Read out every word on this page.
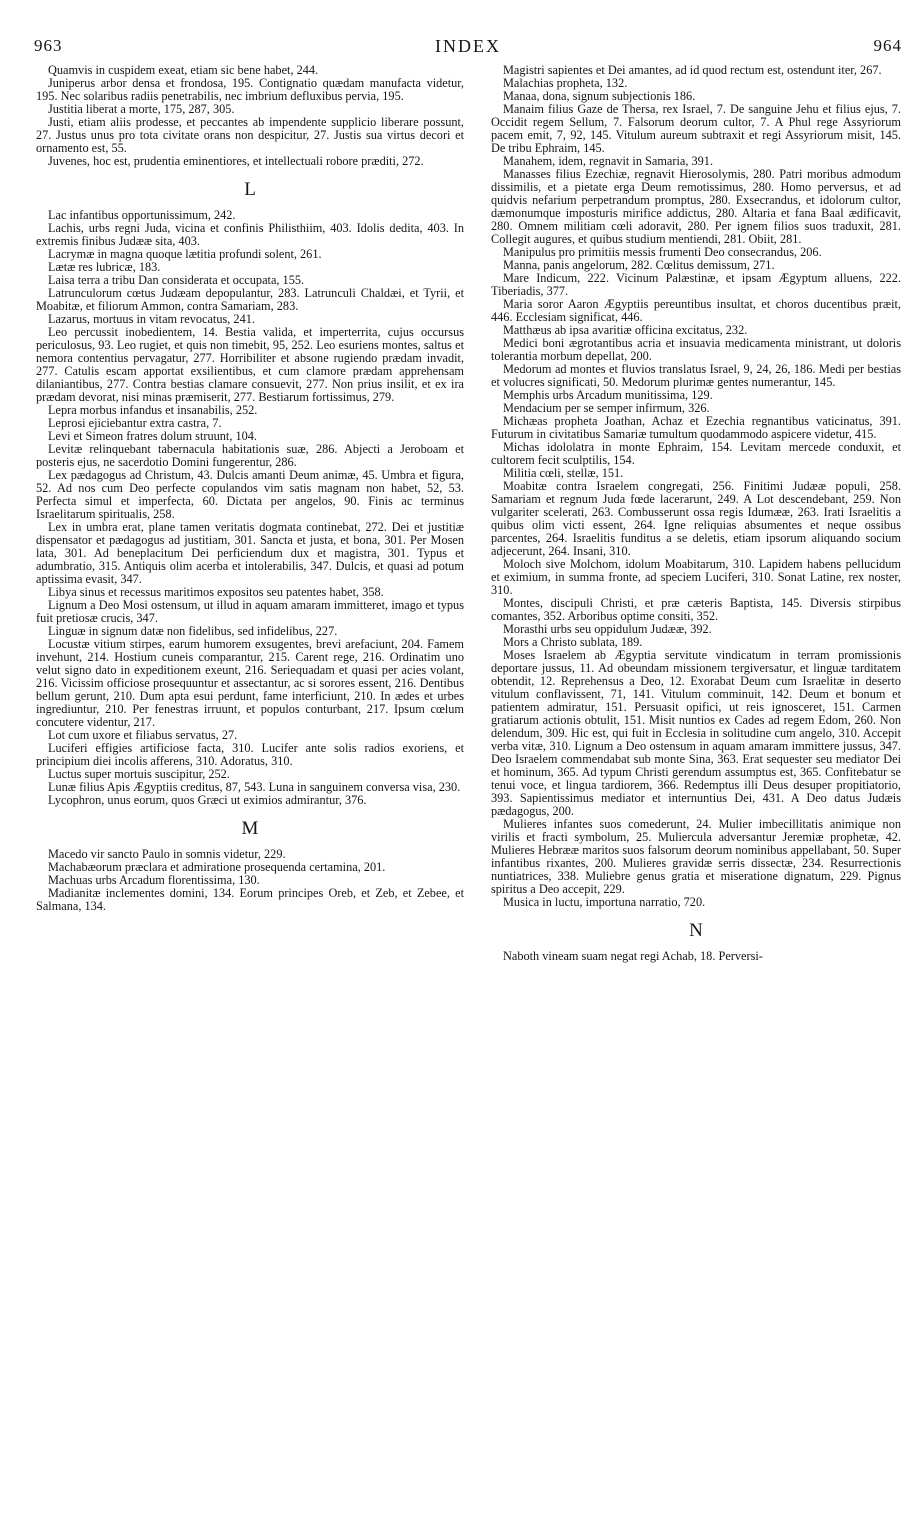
963	INDEX	964

Quamvis in cuspidem exeat, etiam sic bene habet, 244.

Juniperus arbor densa et frondosa, 195. Contignatio quædam manufacta videtur, 195. Nec solaribus radiis penetrabilis, nec imbrium defluxibus pervia, 195.

Justitia liberat a morte, 175, 287, 305.

Justi, etiam aliis prodesse, et peccantes ab impendente supplicio liberare possunt, 27. Justus unus pro tota civitate orans non despicitur, 27. Justis sua virtus decori et ornamento est, 55.

Juvenes, hoc est, prudentia eminentiores, et intellectuali robore præditi, 272.

L

Lac infantibus opportunissimum, 242.

Lachis, urbs regni Juda, vicina et confinis Philisthiim, 403. Idolis dedita, 403. In extremis finibus Judææ sita, 403.

Lacrymæ in magna quoque lætitia profundi solent, 261.

Lætæ res lubricæ, 183.

Laisa terra a tribu Dan considerata et occupata, 155.

Latrunculorum cœtus Judæam depopulantur, 283. Latrunculi Chaldæi, et Tyrii, et Moabitæ, et filiorum Ammon, contra Samariam, 283.

Lazarus, mortuus in vitam revocatus, 241.

Leo percussit inobedientem, 14. Bestia valida, et imperterrita, cujus occursus periculosus, 93. Leo rugiet, et quis non timebit, 95, 252. Leo esuriens montes, saltus et nemora contentius pervagatur, 277. Horribiliter et absone rugiendo prædam invadit, 277. Catulis escam apportat exsilientibus, et cum clamore prædam apprehensam dilaniantibus, 277. Contra bestias clamare consuevit, 277. Non prius insilit, et ex ira prædam devorat, nisi minas præmiserit, 277. Bestiarum fortissimus, 279.

Lepra morbus infandus et insanabilis, 252.

Leprosi ejiciebantur extra castra, 7.

Levi et Simeon fratres dolum struunt, 104.

Levitæ relinquebant tabernacula habitationis suæ, 286. Abjecti a Jeroboam et posteris ejus, ne sacerdotio Domini fungerentur, 286.

Lex pædagogus ad Christum, 43. Dulcis amanti Deum animæ, 45. Umbra et figura, 52. Ad nos cum Deo perfecte copulandos vim satis magnam non habet, 52, 53. Perfecta simul et imperfecta, 60. Dictata per angelos, 90. Finis ac terminus Israelitarum spiritualis, 258.

Lex in umbra erat, plane tamen veritatis dogmata continebat, 272. Dei et justitiæ dispensator et pædagogus ad justitiam, 301. Sancta et justa, et bona, 301. Per Mosen lata, 301. Ad beneplacitum Dei perficiendum dux et magistra, 301. Typus et adumbratio, 315. Antiquis olim acerba et intolerabilis, 347. Dulcis, et quasi ad potum aptissima evasit, 347.

Libya sinus et recessus maritimos expositos seu patentes habet, 358.

Lignum a Deo Mosi ostensum, ut illud in aquam amaram immitteret, imago et typus fuit pretiosæ crucis, 347.

Linguæ in signum datæ non fidelibus, sed infidelibus, 227.

Locustæ vitium stirpes, earum humorem exsugentes, brevi arefaciunt, 204. Famem invehunt, 214. Hostium cuneis comparantur, 215. Carent rege, 216. Ordinatim uno velut signo dato in expeditionem exeunt, 216. Seriequadam et quasi per acies volant, 216. Vicissim officiose prosequuntur et assectantur, ac si sorores essent, 216. Dentibus bellum gerunt, 210. Dum apta esui perdunt, fame interficiunt, 210. In ædes et urbes ingrediuntur, 210. Per fenestras irruunt, et populos conturbant, 217. Ipsum cœlum concutere videntur, 217.

Lot cum uxore et filiabus servatus, 27.

Luciferi effigies artificiose facta, 310. Lucifer ante solis radios exoriens, et principium diei incolis afferens, 310. Adoratus, 310.

Luctus super mortuis suscipitur, 252.

Lunæ filius Apis Ægyptiis creditus, 87, 543. Luna in sanguinem conversa visa, 230.

Lycophron, unus eorum, quos Græci ut eximios admirantur, 376.

M

Macedo vir sancto Paulo in somnis videtur, 229.

Machabæorum præclara et admiratione prosequenda certamina, 201.

Machuas urbs Arcadum florentissima, 130.

Madianitæ inclementes domini, 134. Eorum principes Oreb, et Zeb, et Zebee, et Salmana, 134.

Magistri sapientes et Dei amantes, ad id quod rectum est, ostendunt iter, 267.

Malachias propheta, 132.

Manaa, dona, signum subjectionis 186.

Manaim filius Gaze de Thersa, rex Israel, 7. De sanguine Jehu et filius ejus, 7. Occidit regem Sellum, 7. Falsorum deorum cultor, 7. A Phul rege Assyriorum pacem emit, 7, 92, 145. Vitulum aureum subtraxit et regi Assyriorum misit, 145. De tribu Ephraim, 145.

Manahem, idem, regnavit in Samaria, 391.

Manasses filius Ezechiæ, regnavit Hierosolymis, 280. Patri moribus admodum dissimilis, et a pietate erga Deum remotissimus, 280. Homo perversus, et ad quidvis nefarium perpetrandum promptus, 280. Exsecrandus, et idolorum cultor, dæmonumque imposturis mirifice addictus, 280. Altaria et fana Baal ædificavit, 280. Omnem militiam cœli adoravit, 280. Per ignem filios suos traduxit, 281. Collegit augures, et quibus studium mentiendi, 281. Obiit, 281.

Manipulus pro primitiis messis frumenti Deo consecrandus, 206.

Manna, panis angelorum, 282. Cœlitus demissum, 271.

Mare Indicum, 222. Vicinum Palæstinæ, et ipsam Ægyptum alluens, 222. Tiberiadis, 377.

Maria soror Aaron Ægyptiis pereuntibus insultat, et choros ducentibus præit, 446. Ecclesiam significat, 446.

Matthæus ab ipsa avaritiæ officina excitatus, 232.

Medici boni ægrotantibus acria et insuavia medicamenta ministrant, ut doloris tolerantia morbum depellat, 200.

Medorum ad montes et fluvios translatus Israel, 9, 24, 26, 186. Medi per bestias et volucres significati, 50. Medorum plurimæ gentes numerantur, 145.

Memphis urbs Arcadum munitissima, 129.

Mendacium per se semper infirmum, 326.

Michæas propheta Joathan, Achaz et Ezechia regnantibus vaticinatus, 391. Futurum in civitatibus Samariæ tumultum quodammodo aspicere videtur, 415.

Michas idololatra in monte Ephraim, 154. Levitam mercede conduxit, et cultorem fecit sculptilis, 154.

Militia cœli, stellæ, 151.

Moabitæ contra Israelem congregati, 256. Finitimi Judææ populi, 258. Samariam et regnum Juda fœde lacerarunt, 249. A Lot descendebant, 259. Non vulgariter scelerati, 263. Combusserunt ossa regis Idumææ, 263. Irati Israelitis a quibus olim victi essent, 264. Igne reliquias absumentes et neque ossibus parcentes, 264. Israelitis funditus a se deletis, etiam ipsorum aliquando socium adjecerunt, 264. Insani, 310.

Moloch sive Molchom, idolum Moabitarum, 310. Lapidem habens pellucidum et eximium, in summa fronte, ad speciem Luciferi, 310. Sonat Latine, rex noster, 310.

Montes, discipuli Christi, et præ cæteris Baptista, 145. Diversis stirpibus comantes, 352. Arboribus optime consiti, 352.

Morasthi urbs seu oppidulum Judææ, 392.

Mors a Christo sublata, 189.

Moses Israelem ab Ægyptia servitute vindicatum in terram promissionis deportare jussus, 11. Ad obeundam missionem tergiversatur, et linguæ tarditatem obtendit, 12. Reprehensus a Deo, 12. Exorabat Deum cum Israelitæ in deserto vitulum conflavissent, 71, 141. Vitulum comminuit, 142. Deum et bonum et patientem admiratur, 151. Persuasit opifici, ut reis ignosceret, 151. Carmen gratiarum actionis obtulit, 151. Misit nuntios ex Cades ad regem Edom, 260. Non delendum, 309. Hic est, qui fuit in Ecclesia in solitudine cum angelo, 310. Accepit verba vitæ, 310. Lignum a Deo ostensum in aquam amaram immittere jussus, 347. Deo Israelem commendabat sub monte Sina, 363. Erat sequester seu mediator Dei et hominum, 365. Ad typum Christi gerendum assumptus est, 365. Confitebatur se tenui voce, et lingua tardiorem, 366. Redemptus illi Deus desuper propitiatorio, 393. Sapientissimus mediator et internuntius Dei, 431. A Deo datus Judæis pædagogus, 200.

Mulieres infantes suos comederunt, 24. Mulier imbecillitatis animique non virilis et fracti symbolum, 25. Muliercula adversantur Jeremiæ prophetæ, 42. Mulieres Hebrææ maritos suos falsorum deorum nominibus appellabant, 50. Super infantibus rixantes, 200. Mulieres gravidæ serris dissectæ, 234. Resurrectionis nuntiatrices, 338. Muliebre genus gratia et miseratione dignatum, 229. Pignus spiritus a Deo accepit, 229.

Musica in luctu, importuna narratio, 720.

N

Naboth vineam suam negat regi Achab, 18. Perversi-
